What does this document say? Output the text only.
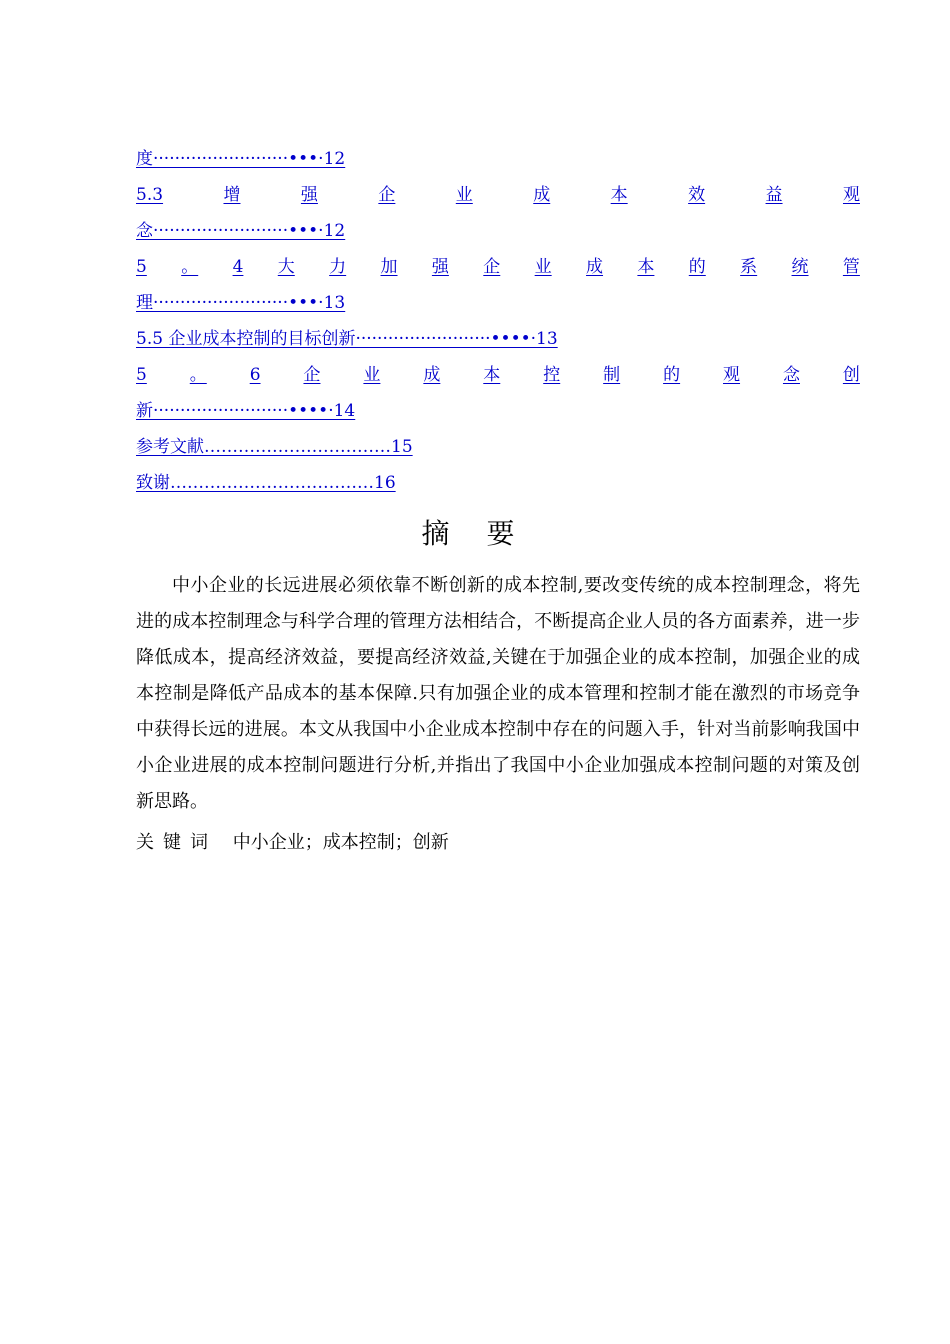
度·························•••·12
5.3	增	强	企	业	成	本	效	益	观
念·························•••·12
5 。 4 大 力 加 强 企 业 成 本 的 系 统 管
理·························•••·13
5.5 企业成本控制的目标创新·························••••·13
5	。	6	企	业	成	本	控	制	的	观	念	创
新·························••••·14
参考文献……………………………15
致谢………………………………16
摘 要

中小企业的长远进展必须依靠不断创新的成本控制,要改变传统的成本控制理念，将先进的成本控制理念与科学合理的管理方法相结合，不断提高企业人员的各方面素养，进一步降低成本，提高经济效益，要提高经济效益,关键在于加强企业的成本控制，加强企业的成本控制是降低产品成本的基本保障.只有加强企业的成本管理和控制才能在激烈的市场竞争中获得长远的进展。本文从我国中小企业成本控制中存在的问题入手，针对当前影响我国中小企业进展的成本控制问题进行分析,并指出了我国中小企业加强成本控制问题的对策及创新思路。

关键词 中小企业；成本控制；创新
